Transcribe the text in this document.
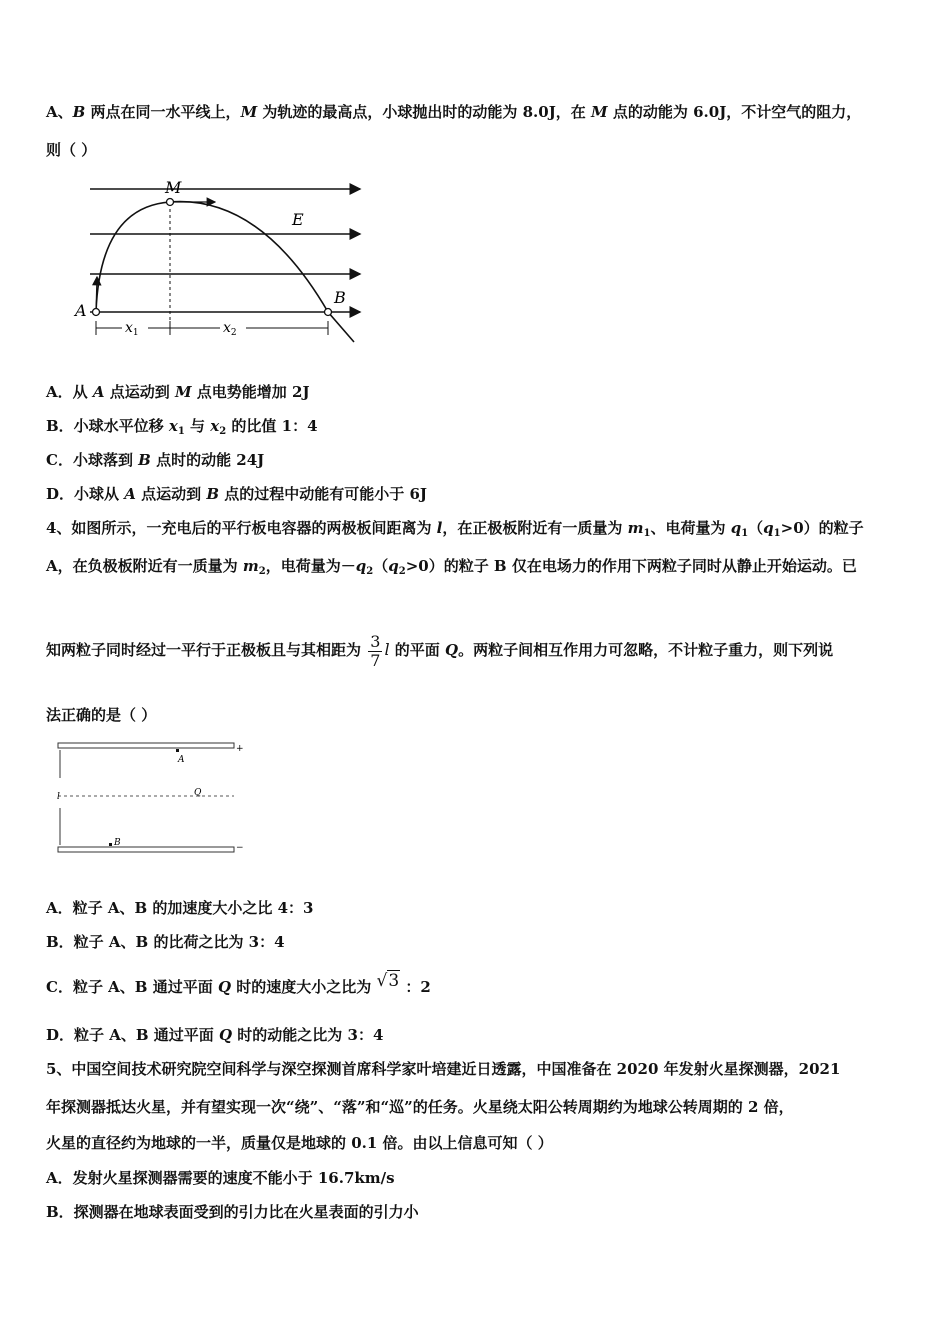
A、B 两点在同一水平线上，M 为轨迹的最高点，小球抛出时的动能为 8.0J，在 M 点的动能为 6.0J，不计空气的阻力，
则（ ）
M
E
A
B
$x_1$	$x_2$
A．从 A 点运动到 M 点电势能增加 2J
B．小球水平位移 $x_1$ 与 $x_2$ 的比值 1：4
C．小球落到 B 点时的动能 24J
D．小球从 A 点运动到 B 点的过程中动能有可能小于 6J
4、如图所示，一充电后的平行板电容器的两极板间距离为 l，在正极板附近有一质量为 $m_1$、电荷量为 $q_1(q_1>0)$的粒子
A，在负极板附近有一质量为 $m_2$，电荷量为$-q_2(q_2>0)$的粒子 B 仅在电场力的作用下两粒子同时从静止开始运动。已
知两粒子同时经过一平行于正极板且与其相距为 $\frac{3}{7}$ l 的平面 Q。两粒子间相互作用力可忽略，不计粒子重力，则下列说
法正确的是（ ）
l
A
Q
B
+
−
A．粒子 A、B 的加速度大小之比 4：3
B．粒子 A、B 的比荷之比为 3：4
C．粒子 A、B 通过平面 Q 时的速度大小之比为 √3 ：2
D．粒子 A、B 通过平面 Q 时的动能之比为 3：4
5、中国空间技术研究院空间科学与深空探测首席科学家叶培建近日透露，中国准备在 2020 年发射火星探测器，2021
年探测器抵达火星，并有望实现一次“绕”、“落”和“巡”的任务。火星绕太阳公转周期约为地球公转周期的 2 倍，
火星的直径约为地球的一半，质量仅是地球的 0.1 倍。由以上信息可知（ ）
A．发射火星探测器需要的速度不能小于 16.7km/s
B．探测器在地球表面受到的引力比在火星表面的引力小
